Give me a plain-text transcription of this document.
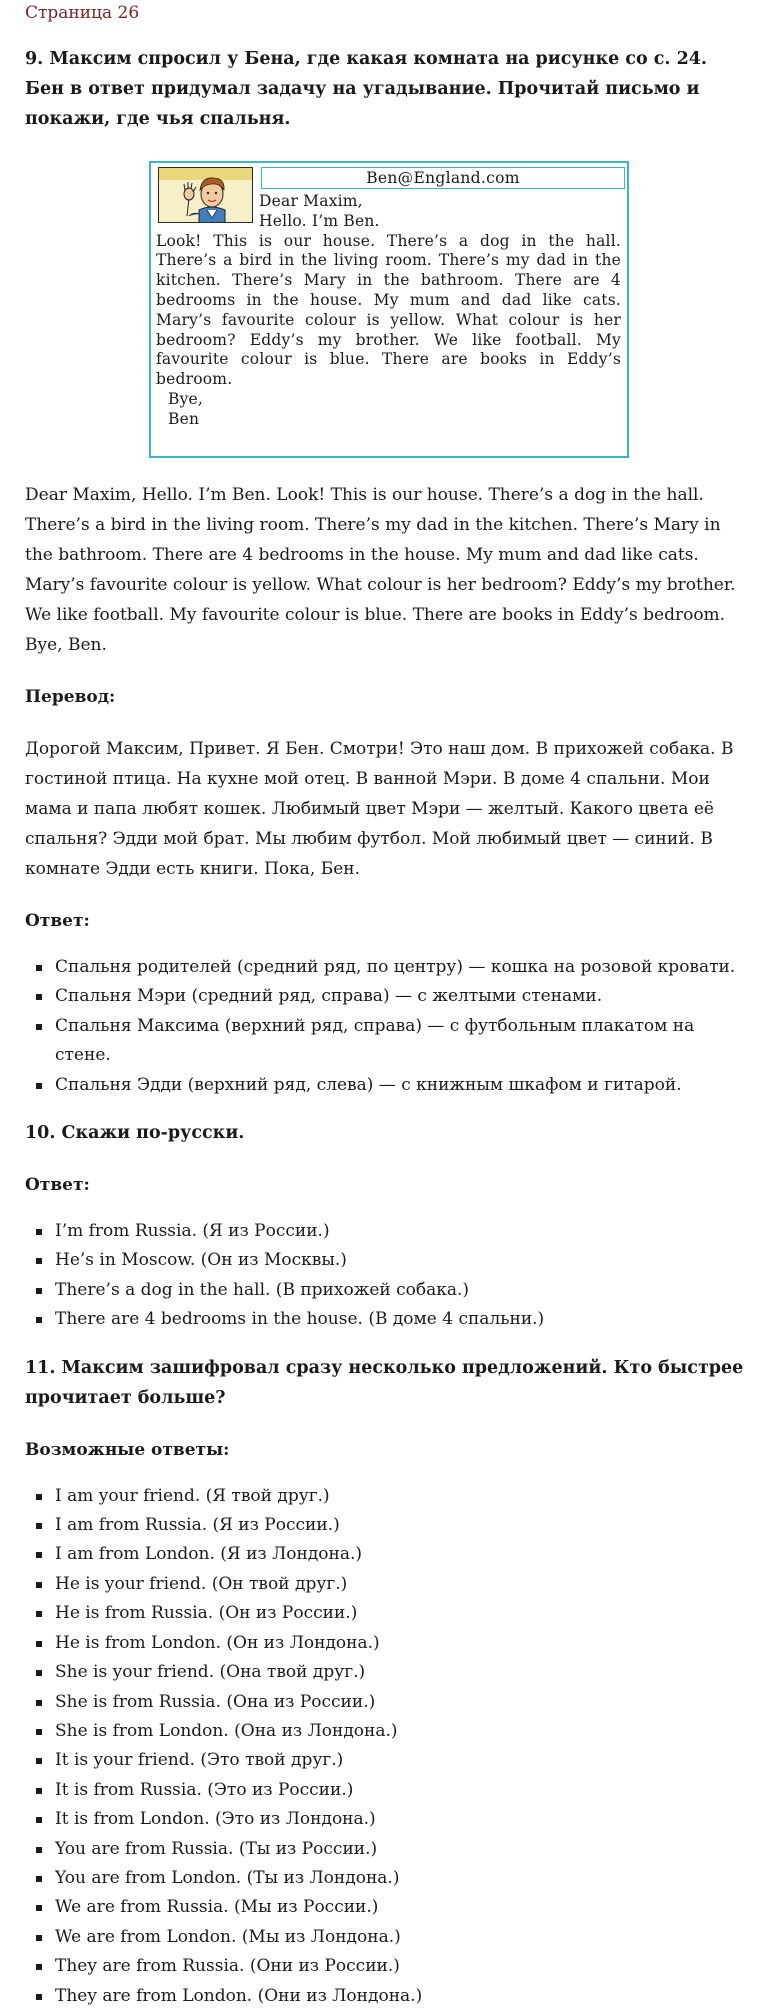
Страница 26

9. Максим спросил у Бена, где какая комната на рисунке со с. 24. Бен в ответ придумал задачу на угадывание. Прочитай письмо и покажи, где чья спальня.

Ben@England.com
Dear Maxim,
Hello. I’m Ben.
Look! This is our house. There’s a dog in the hall. There’s a bird in the living room. There’s my dad in the kitchen. There’s Mary in the bathroom. There are 4 bedrooms in the house. My mum and dad like cats. Mary’s favourite colour is yellow. What colour is her bedroom? Eddy’s my brother. We like football. My favourite colour is blue. There are books in Eddy’s bedroom.
Bye,
Ben

Dear Maxim, Hello. I’m Ben. Look! This is our house. There’s a dog in the hall. There’s a bird in the living room. There’s my dad in the kitchen. There’s Mary in the bathroom. There are 4 bedrooms in the house. My mum and dad like cats. Mary’s favourite colour is yellow. What colour is her bedroom? Eddy’s my brother. We like football. My favourite colour is blue. There are books in Eddy’s bedroom. Bye, Ben.

Перевод:

Дорогой Максим, Привет. Я Бен. Смотри! Это наш дом. В прихожей собака. В гостиной птица. На кухне мой отец. В ванной Мэри. В доме 4 спальни. Мои мама и папа любят кошек. Любимый цвет Мэри — желтый. Какого цвета её спальня? Эдди мой брат. Мы любим футбол. Мой любимый цвет — синий. В комнате Эдди есть книги. Пока, Бен.

Ответ:

Спальня родителей (средний ряд, по центру) — кошка на розовой кровати.
Спальня Мэри (средний ряд, справа) — с желтыми стенами.
Спальня Максима (верхний ряд, справа) — с футбольным плакатом на стене.
Спальня Эдди (верхний ряд, слева) — с книжным шкафом и гитарой.

10. Скажи по-русски.

Ответ:

I’m from Russia. (Я из России.)
He’s in Moscow. (Он из Москвы.)
There’s a dog in the hall. (В прихожей собака.)
There are 4 bedrooms in the house. (В доме 4 спальни.)

11. Максим зашифровал сразу несколько предложений. Кто быстрее прочитает больше?

Возможные ответы:

I am your friend. (Я твой друг.)
I am from Russia. (Я из России.)
I am from London. (Я из Лондона.)
He is your friend. (Он твой друг.)
He is from Russia. (Он из России.)
He is from London. (Он из Лондона.)
She is your friend. (Она твой друг.)
She is from Russia. (Она из России.)
She is from London. (Она из Лондона.)
It is your friend. (Это твой друг.)
It is from Russia. (Это из России.)
It is from London. (Это из Лондона.)
You are from Russia. (Ты из России.)
You are from London. (Ты из Лондона.)
We are from Russia. (Мы из России.)
We are from London. (Мы из Лондона.)
They are from Russia. (Они из России.)
They are from London. (Они из Лондона.)
